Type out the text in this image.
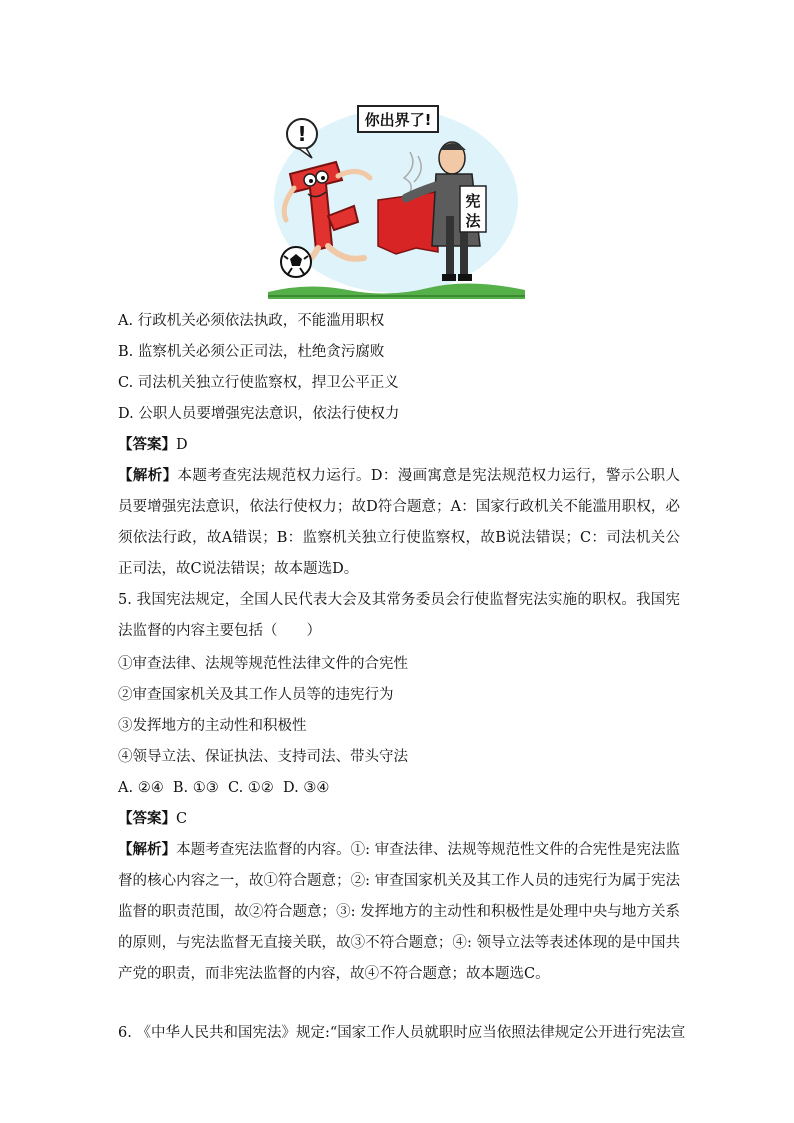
!
你出界了!
宪
法
A. 行政机关必须依法执政，不能滥用职权
B. 监察机关必须公正司法，杜绝贪污腐败
C. 司法机关独立行使监察权，捍卫公平正义
D. 公职人员要增强宪法意识，依法行使权力
【答案】D
【解析】本题考查宪法规范权力运行。D：漫画寓意是宪法规范权力运行，警示公职人员要增强宪法意识，依法行使权力；故D符合题意；A：国家行政机关不能滥用职权，必须依法行政，故A错误；B：监察机关独立行使监察权，故B说法错误；C：司法机关公正司法，故C说法错误；故本题选D。
5. 我国宪法规定，全国人民代表大会及其常务委员会行使监督宪法实施的职权。我国宪法监督的内容主要包括（　　）
①审查法律、法规等规范性法律文件的合宪性
②审查国家机关及其工作人员等的违宪行为
③发挥地方的主动性和积极性
④领导立法、保证执法、支持司法、带头守法
A. ②④  B. ①③  C. ①②  D. ③④
【答案】C
【解析】本题考查宪法监督的内容。①: 审查法律、法规等规范性文件的合宪性是宪法监督的核心内容之一，故①符合题意；②: 审查国家机关及其工作人员的违宪行为属于宪法监督的职责范围，故②符合题意；③: 发挥地方的主动性和积极性是处理中央与地方关系的原则，与宪法监督无直接关联，故③不符合题意；④: 领导立法等表述体现的是中国共产党的职责，而非宪法监督的内容，故④不符合题意；故本题选C。
6. 《中华人民共和国宪法》规定:“国家工作人员就职时应当依照法律规定公开进行宪法宣
